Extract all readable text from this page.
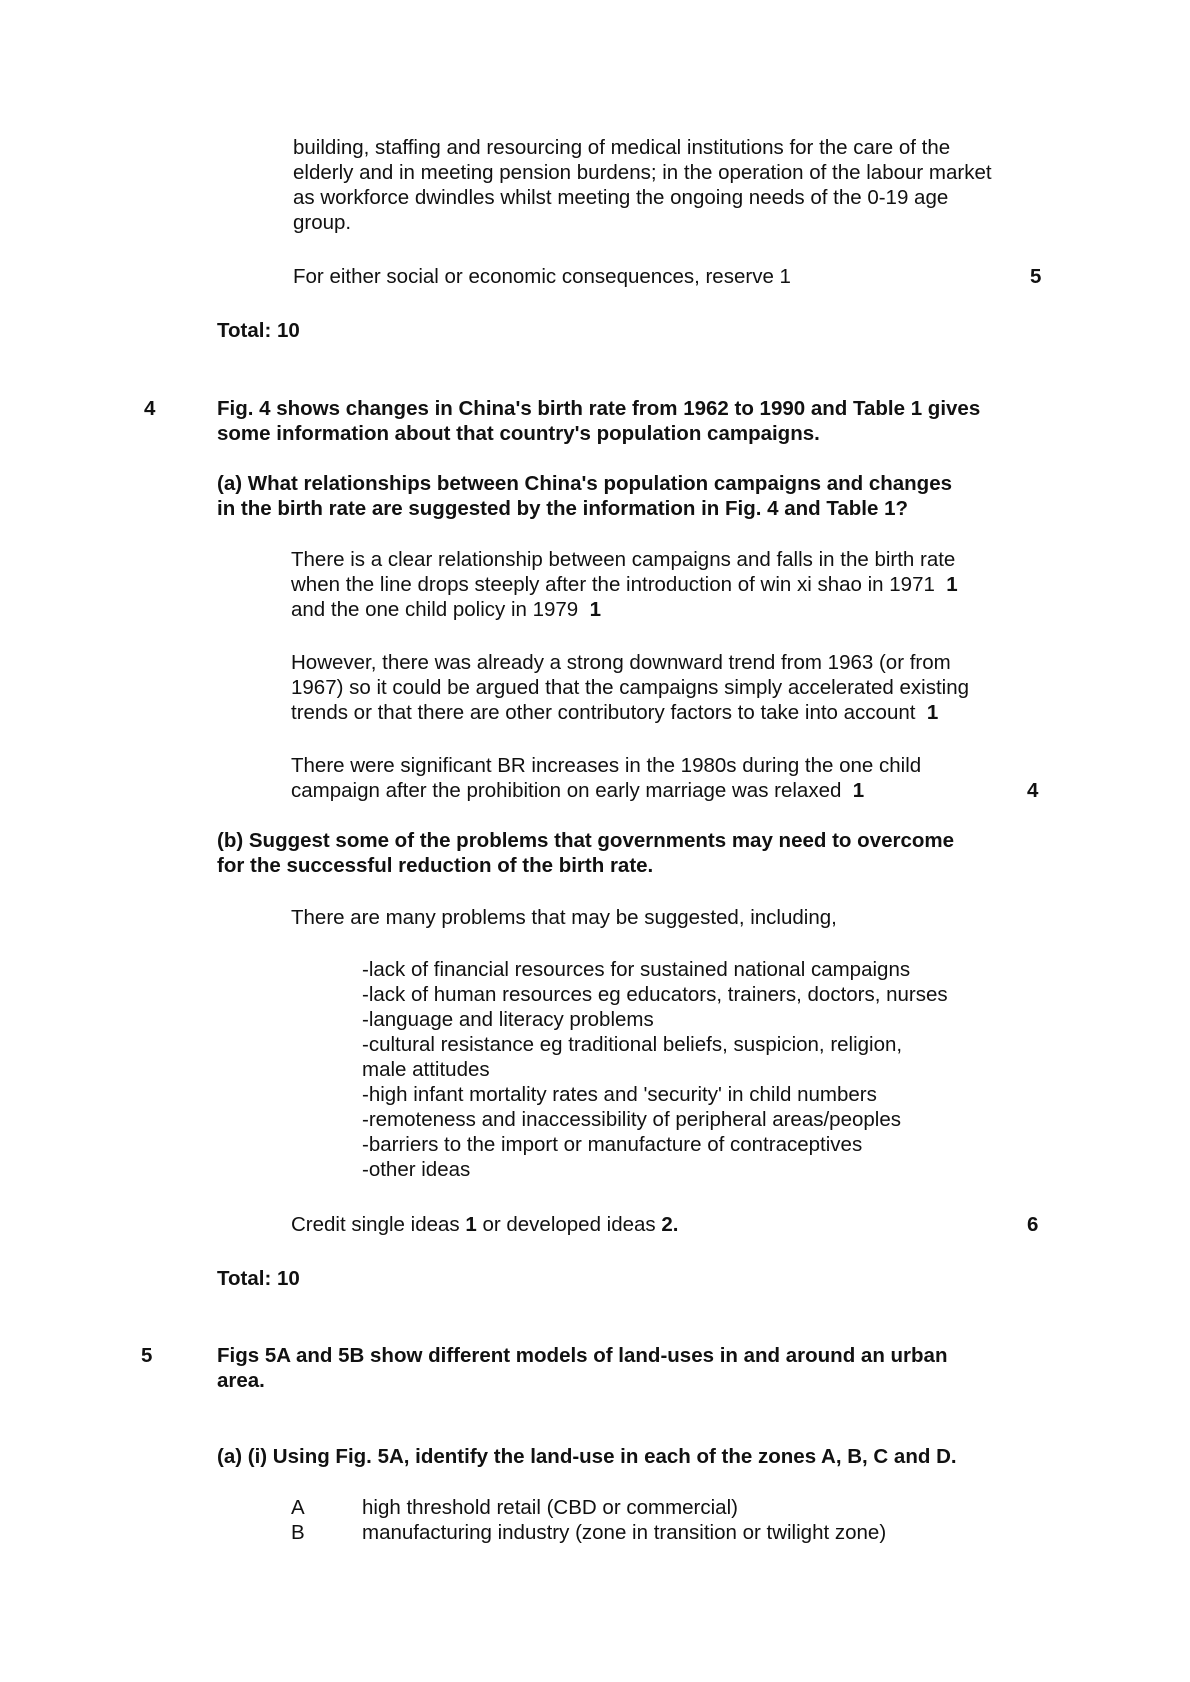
building, staffing and resourcing of medical institutions for the care of the
elderly and in meeting pension burdens; in the operation of the labour market
as workforce dwindles whilst meeting the ongoing needs of the 0-19 age
group.
For either social or economic consequences, reserve 1	5
Total: 10
4	Fig. 4 shows changes in China's birth rate from 1962 to 1990 and Table 1 gives
some information about that country's population campaigns.
(a) What relationships between China's population campaigns and changes
in the birth rate are suggested by the information in Fig. 4 and Table 1?
There is a clear relationship between campaigns and falls in the birth rate
when the line drops steeply after the introduction of win xi shao in 1971 1
and the one child policy in 1979 1
However, there was already a strong downward trend from 1963 (or from
1967) so it could be argued that the campaigns simply accelerated existing
trends or that there are other contributory factors to take into account 1
There were significant BR increases in the 1980s during the one child
campaign after the prohibition on early marriage was relaxed 1	4
(b) Suggest some of the problems that governments may need to overcome
for the successful reduction of the birth rate.
There are many problems that may be suggested, including,
-lack of financial resources for sustained national campaigns
-lack of human resources eg educators, trainers, doctors, nurses
-language and literacy problems
-cultural resistance eg traditional beliefs, suspicion, religion,
male attitudes
-high infant mortality rates and 'security' in child numbers
-remoteness and inaccessibility of peripheral areas/peoples
-barriers to the import or manufacture of contraceptives
-other ideas
Credit single ideas 1 or developed ideas 2.	6
Total: 10
5	Figs 5A and 5B show different models of land-uses in and around an urban
area.
(a) (i) Using Fig. 5A, identify the land-use in each of the zones A, B, C and D.
A	high threshold retail (CBD or commercial)
B	manufacturing industry (zone in transition or twilight zone)
